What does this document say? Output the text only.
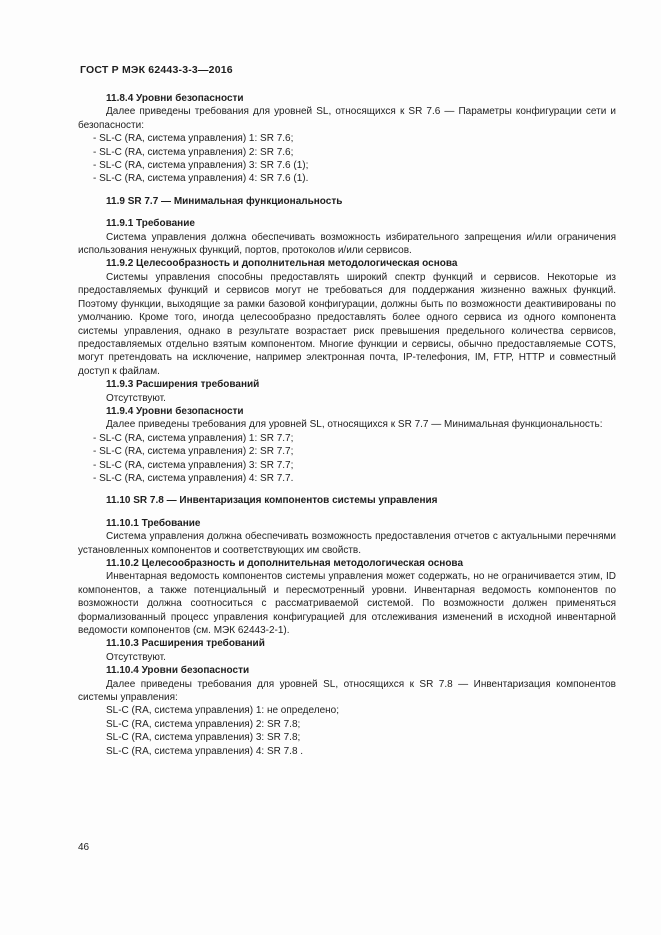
ГОСТ Р МЭК 62443-3-3—2016

11.8.4 Уровни безопасности

Далее приведены требования для уровней SL, относящихся к SR 7.6 — Параметры конфигурации сети и безопасности:

- SL-C (RA, система управления) 1: SR 7.6;

- SL-C (RA, система управления) 2: SR 7.6;

- SL-C (RA, система управления) 3: SR 7.6 (1);

- SL-C (RA, система управления) 4: SR 7.6 (1).

11.9 SR 7.7 — Минимальная функциональность

11.9.1 Требование

Система управления должна обеспечивать возможность избирательного запрещения и/или ограничения использования ненужных функций, портов, протоколов и/или сервисов.

11.9.2 Целесообразность и дополнительная методологическая основа

Системы управления способны предоставлять широкий спектр функций и сервисов. Некоторые из предоставляемых функций и сервисов могут не требоваться для поддержания жизненно важных функций. Поэтому функции, выходящие за рамки базовой конфигурации, должны быть по возможности деактивированы по умолчанию. Кроме того, иногда целесообразно предоставлять более одного сервиса из одного компонента системы управления, однако в результате возрастает риск превышения предельного количества сервисов, предоставляемых отдельно взятым компонентом. Многие функции и сервисы, обычно предоставляемые COTS, могут претендовать на исключение, например электронная почта, IP-телефония, IM, FTP, HTTP и совместный доступ к файлам.

11.9.3 Расширения требований

Отсутствуют.

11.9.4 Уровни безопасности

Далее приведены требования для уровней SL, относящихся к SR 7.7 — Минимальная функциональность:

- SL-C (RA, система управления) 1: SR 7.7;

- SL-C (RA, система управления) 2: SR 7.7;

- SL-C (RA, система управления) 3: SR 7.7;

- SL-C (RA, система управления) 4: SR 7.7.

11.10 SR 7.8 — Инвентаризация компонентов системы управления

11.10.1 Требование

Система управления должна обеспечивать возможность предоставления отчетов с актуальными перечнями установленных компонентов и соответствующих им свойств.

11.10.2 Целесообразность и дополнительная методологическая основа

Инвентарная ведомость компонентов системы управления может содержать, но не ограничивается этим, ID компонентов, а также потенциальный и пересмотренный уровни. Инвентарная ведомость компонентов по возможности должна соотноситься с рассматриваемой системой. По возможности должен применяться формализованный процесс управления конфигурацией для отслеживания изменений в исходной инвентарной ведомости компонентов (см. МЭК 62443-2-1).

11.10.3 Расширения требований

Отсутствуют.

11.10.4 Уровни безопасности

Далее приведены требования для уровней SL, относящихся к SR 7.8 — Инвентаризация компонентов системы управления:

SL-C (RA, система управления) 1: не определено;

SL-C (RA, система управления) 2: SR 7.8;

SL-C (RA, система управления) 3: SR 7.8;

SL-C (RA, система управления) 4: SR 7.8 .

46
